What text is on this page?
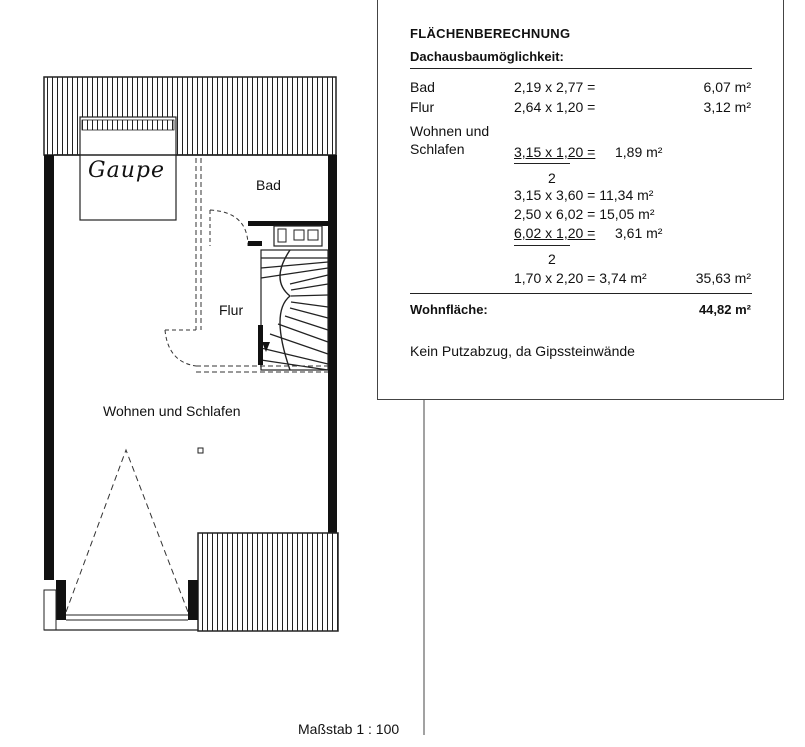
Gaupe
Bad
Flur
Wohnen und Schlafen
Maßstab 1 : 100
FLÄCHENBERECHNUNG
Dachausbaumöglichkeit:
Bad	2,19 x 2,77 =	6,07 m²
Flur	2,64 x 1,20 =	3,12 m²
Wohnen und
Schlafen	3,15 x 1,20 = 1,89 m²
2
3,15 x 3,60 = 11,34 m²
2,50 x 6,02 = 15,05 m²
6,02 x 1,20 = 3,61 m²
2
1,70 x 2,20 = 3,74 m²	35,63 m²
Wohnfläche:	44,82 m²
Kein Putzabzug, da Gipssteinwände
